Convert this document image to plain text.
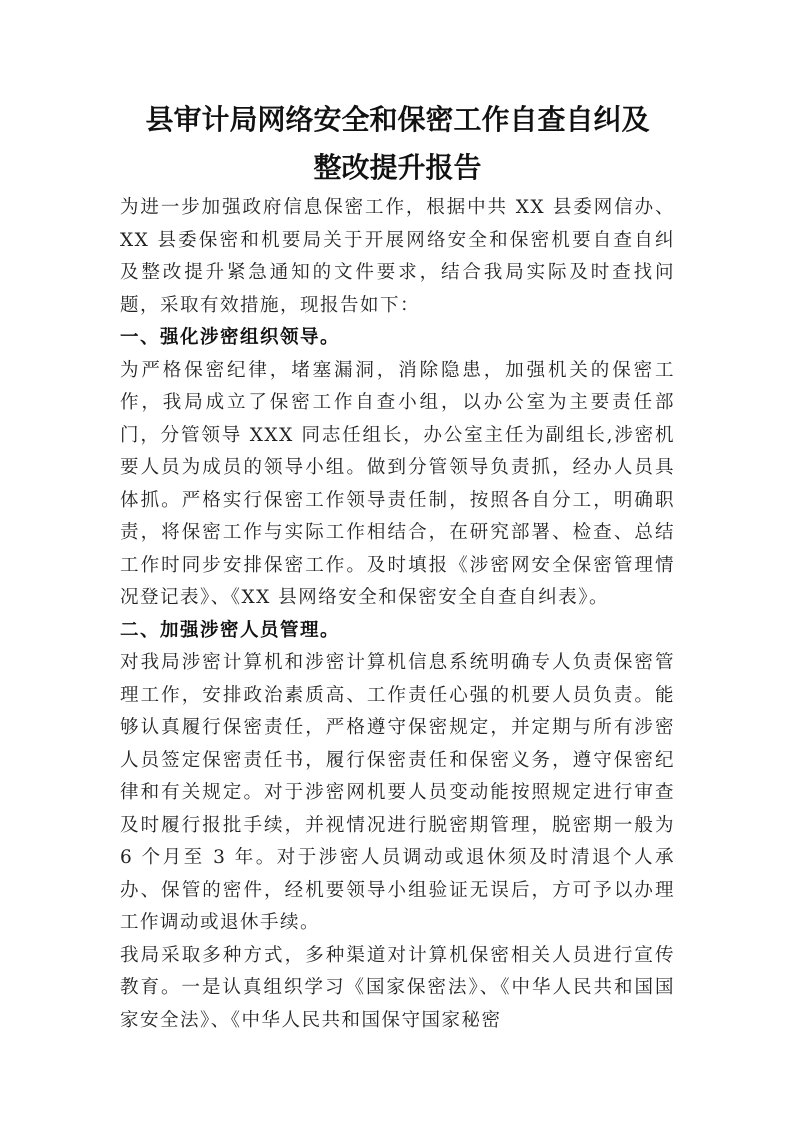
县审计局网络安全和保密工作自查自纠及
整改提升报告

为进一步加强政府信息保密工作，根据中共 XX 县委网信办、XX 县委保密和机要局关于开展网络安全和保密机要自查自纠及整改提升紧急通知的文件要求，结合我局实际及时查找问题，采取有效措施，现报告如下：

一、强化涉密组织领导。

为严格保密纪律，堵塞漏洞，消除隐患，加强机关的保密工作，我局成立了保密工作自查小组，以办公室为主要责任部门，分管领导 XXX 同志任组长，办公室主任为副组长,涉密机要人员为成员的领导小组。做到分管领导负责抓，经办人员具体抓。严格实行保密工作领导责任制，按照各自分工，明确职责，将保密工作与实际工作相结合，在研究部署、检查、总结工作时同步安排保密工作。及时填报《涉密网安全保密管理情况登记表》、《XX 县网络安全和保密安全自查自纠表》。

二、加强涉密人员管理。

对我局涉密计算机和涉密计算机信息系统明确专人负责保密管理工作，安排政治素质高、工作责任心强的机要人员负责。能够认真履行保密责任，严格遵守保密规定，并定期与所有涉密人员签定保密责任书，履行保密责任和保密义务，遵守保密纪律和有关规定。对于涉密网机要人员变动能按照规定进行审查及时履行报批手续，并视情况进行脱密期管理，脱密期一般为 6 个月至 3 年。对于涉密人员调动或退休须及时清退个人承办、保管的密件，经机要领导小组验证无误后，方可予以办理工作调动或退休手续。

我局采取多种方式，多种渠道对计算机保密相关人员进行宣传教育。一是认真组织学习《国家保密法》、《中华人民共和国国家安全法》、《中华人民共和国保守国家秘密
